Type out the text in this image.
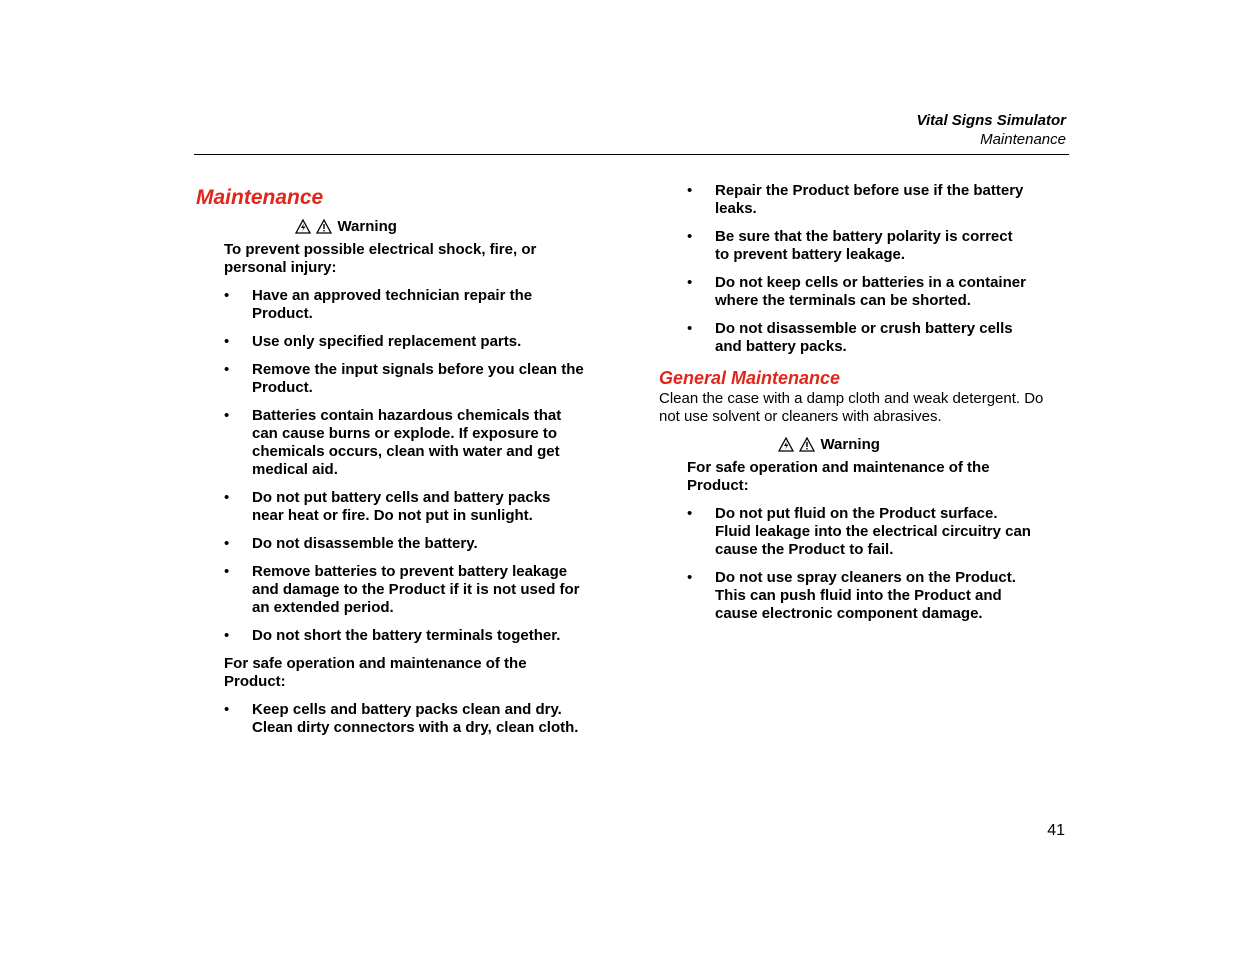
Vital Signs Simulator
Maintenance
Maintenance

Warning

To prevent possible electrical shock, fire, or personal injury:

• Have an approved technician repair the Product.
• Use only specified replacement parts.
• Remove the input signals before you clean the Product.
• Batteries contain hazardous chemicals that can cause burns or explode. If exposure to chemicals occurs, clean with water and get medical aid.
• Do not put battery cells and battery packs near heat or fire. Do not put in sunlight.
• Do not disassemble the battery.
• Remove batteries to prevent battery leakage and damage to the Product if it is not used for an extended period.
• Do not short the battery terminals together.

For safe operation and maintenance of the Product:

• Keep cells and battery packs clean and dry. Clean dirty connectors with a dry, clean cloth.
• Repair the Product before use if the battery leaks.
• Be sure that the battery polarity is correct to prevent battery leakage.
• Do not keep cells or batteries in a container where the terminals can be shorted.
• Do not disassemble or crush battery cells and battery packs.
General Maintenance

Clean the case with a damp cloth and weak detergent. Do not use solvent or cleaners with abrasives.

Warning

For safe operation and maintenance of the Product:

• Do not put fluid on the Product surface. Fluid leakage into the electrical circuitry can cause the Product to fail.
• Do not use spray cleaners on the Product. This can push fluid into the Product and cause electronic component damage.
41
